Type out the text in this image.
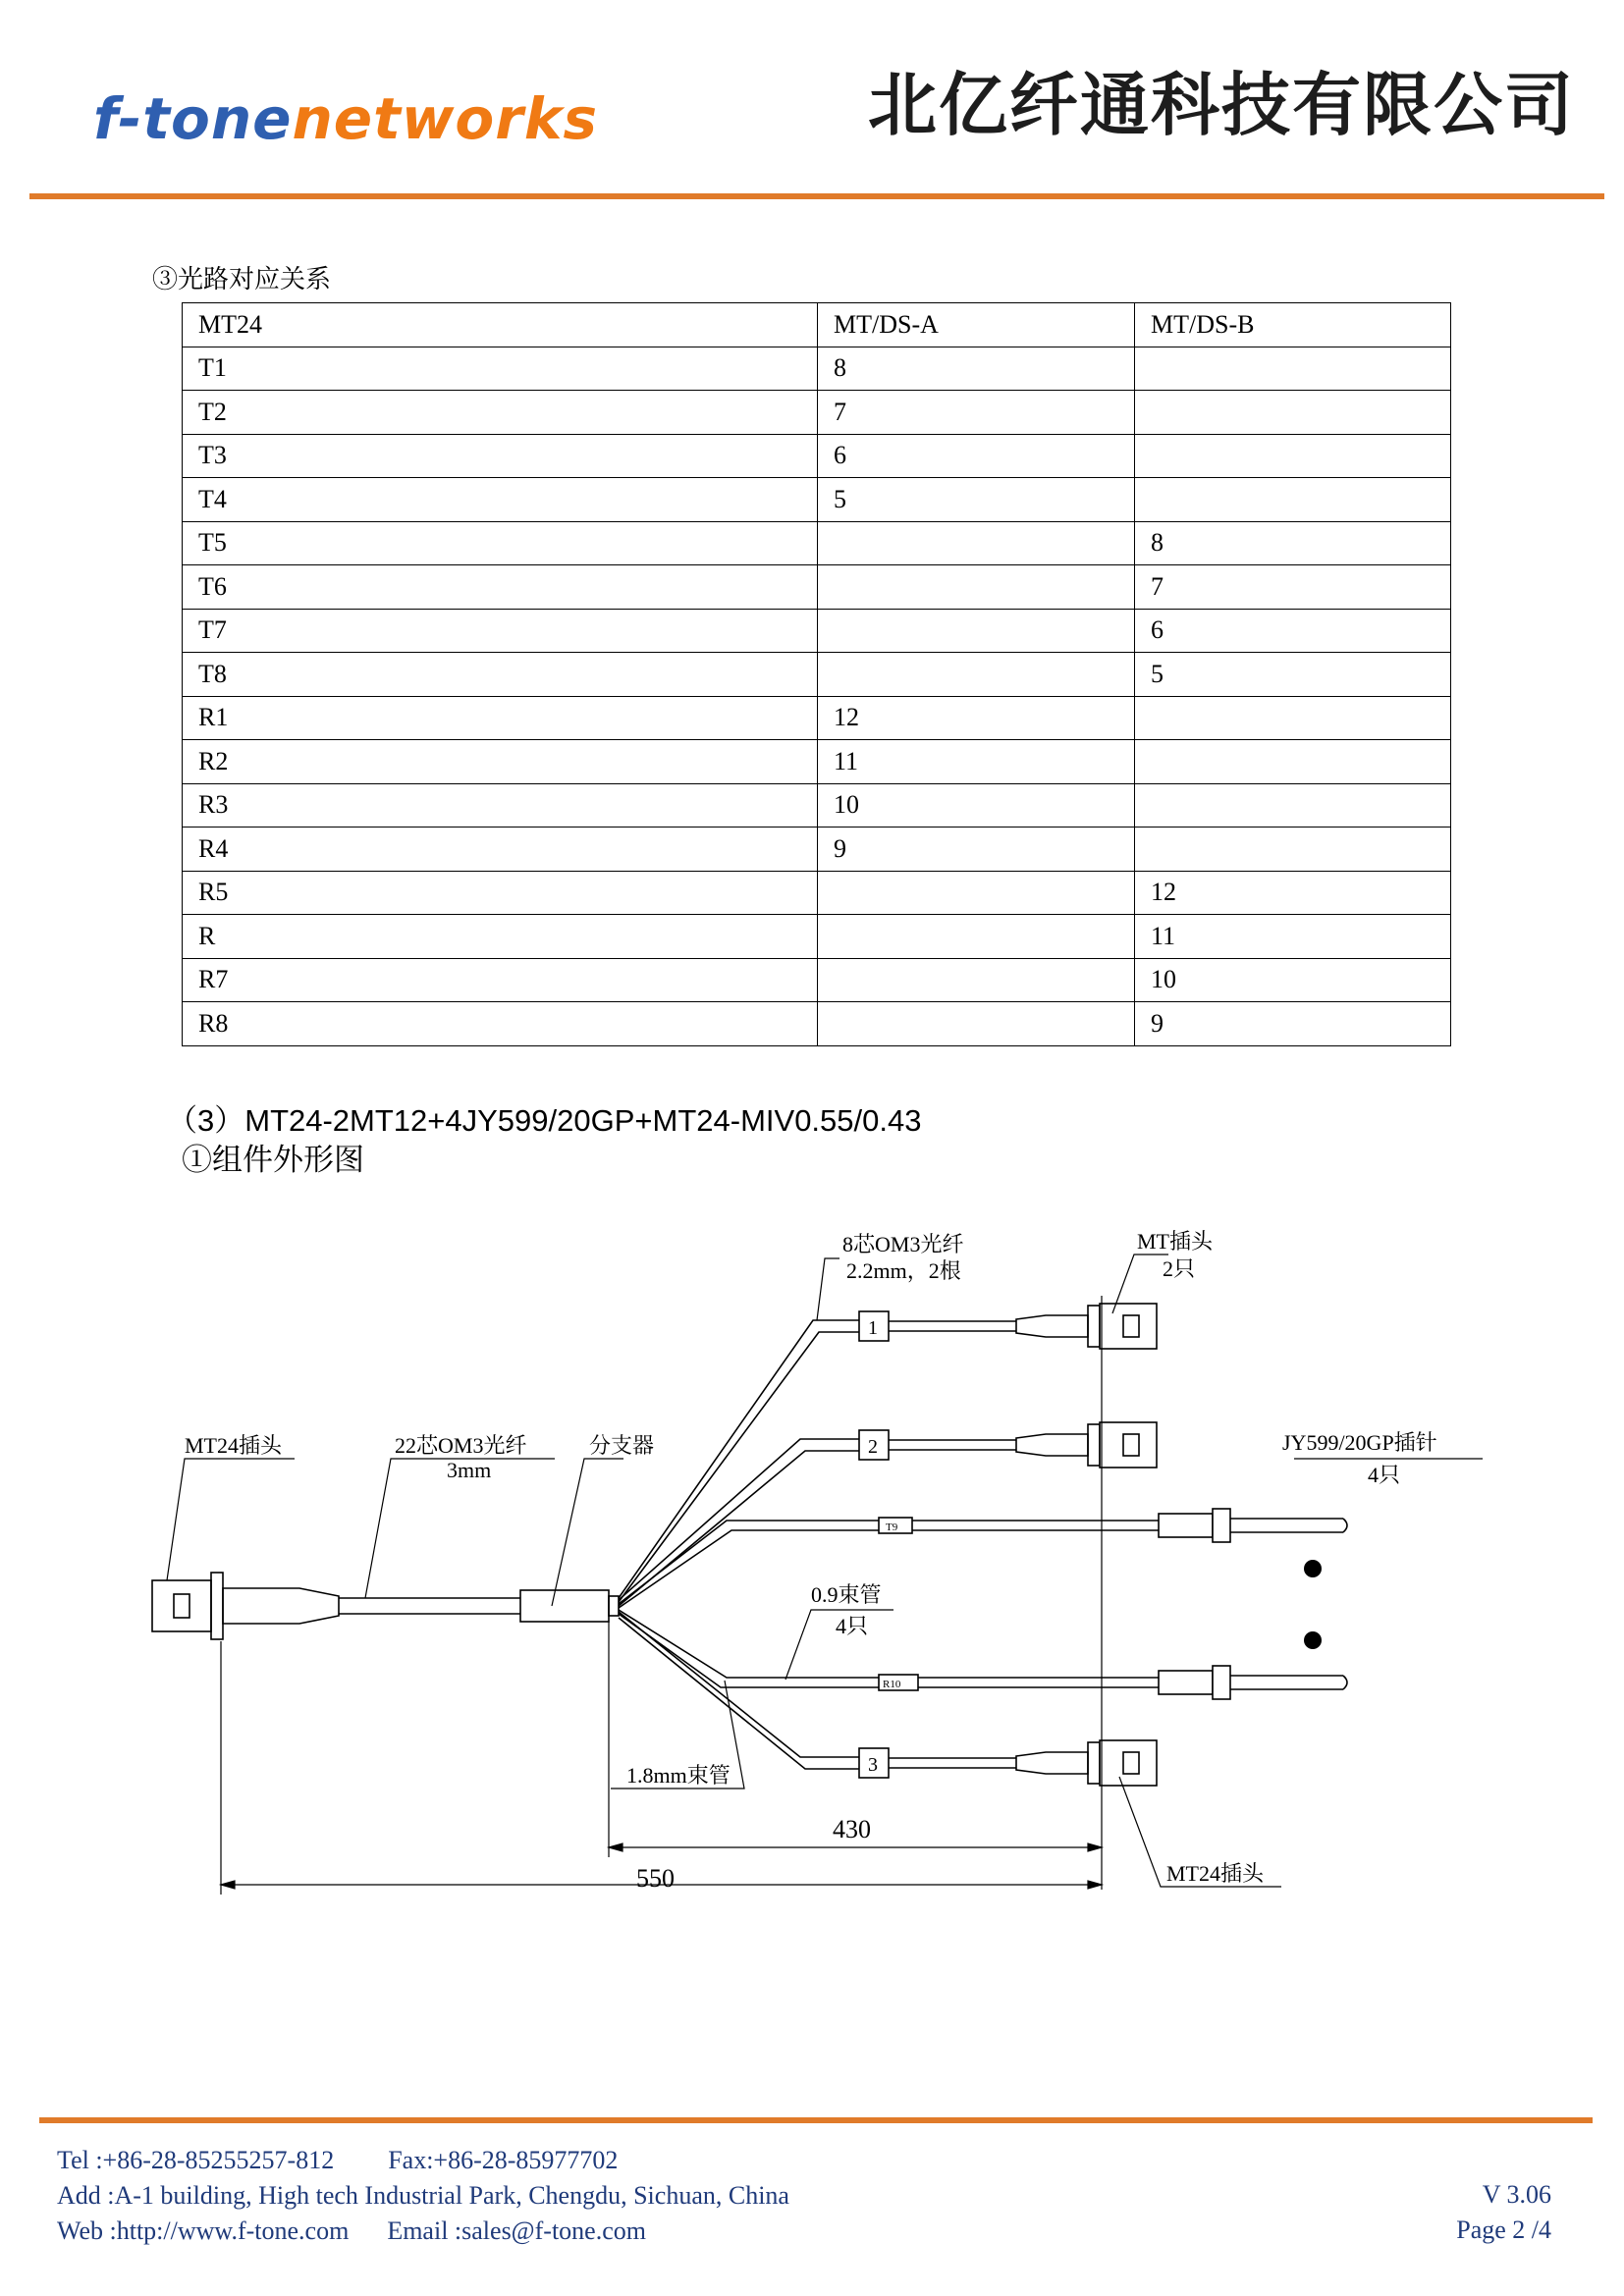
f-tonenetworks	北亿纤通科技有限公司
③光路对应关系
MT24	MT/DS-A	MT/DS-B
T1	8	
T2	7	
T3	6	
T4	5	
T5		8
T6		7
T7		6
T8		5
R1	12	
R2	11	
R3	10	
R4	9	
R5		12
R		11
R7		10
R8		9
（3）MT24-2MT12+4JY599/20GP+MT24-MIV0.55/0.43
①组件外形图
8芯OM3光纤
2.2mm，2根
MT插头
2只
MT24插头	22芯OM3光纤
3mm
分支器	JY599/20GP插针
4只
0.9束管
4只
1.8mm束管
MT24插头
1
2
3
T9
R10
430
550
Tel :+86-28-85255257-812 Fax:+86-28-85977702
Add :A-1 building, High tech Industrial Park, Chengdu, Sichuan, China
Web :http://www.f-tone.com Email :sales@f-tone.com
V 3.06
Page 2 /4
